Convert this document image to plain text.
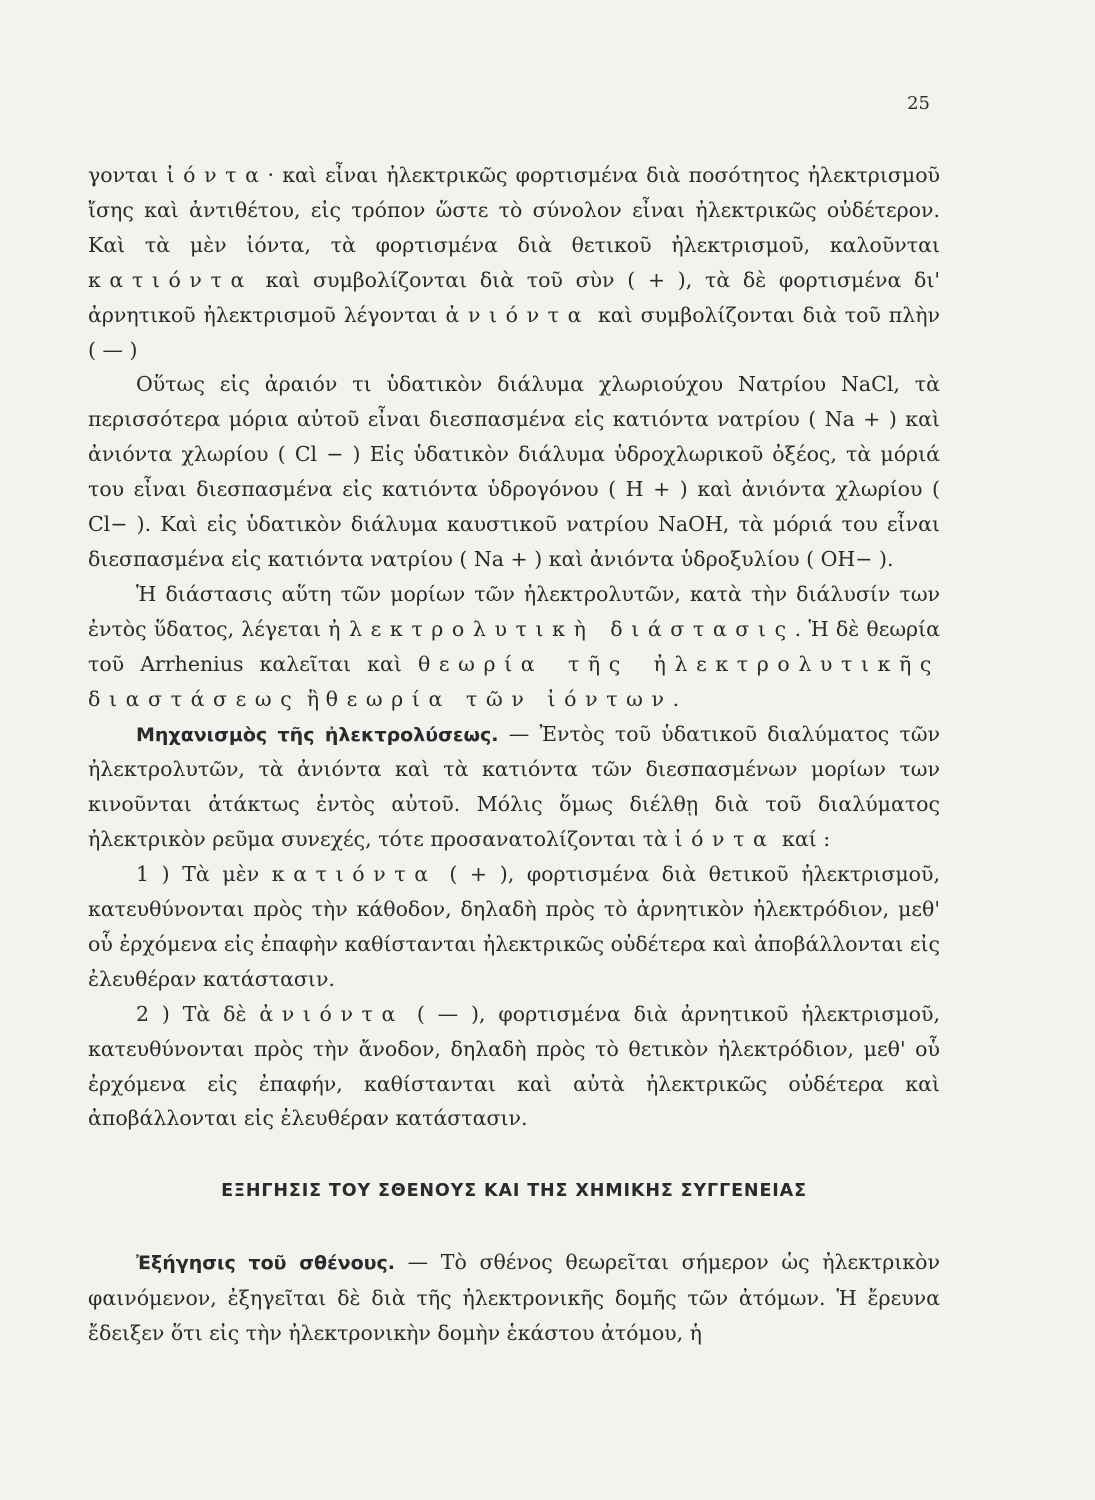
25

γονται ἰόντα· καὶ εἶναι ἠλεκτρικῶς φορτισμένα διὰ ποσότητος ἠλεκτρισμοῦ ἴσης καὶ ἀντιθέτου, εἰς τρόπον ὥστε τὸ σύνολον εἶναι ἠλεκτρικῶς οὐδέτερον. Καὶ τὰ μὲν ἰόντα, τὰ φορτισμένα διὰ θετικοῦ ἠλεκτρισμοῦ, καλοῦνται κατιόντα καὶ συμβολίζονται διὰ τοῦ σὺν ( + ), τὰ δὲ φορτισμένα δι' ἀρνητικοῦ ἠλεκτρισμοῦ λέγονται ἀνιόντα καὶ συμβολίζονται διὰ τοῦ πλὴν ( — )

Οὕτως εἰς ἀραιόν τι ὑδατικὸν διάλυμα χλωριούχου Νατρίου NaCl, τὰ περισσότερα μόρια αὐτοῦ εἶναι διεσπασμένα εἰς κατιόντα νατρίου ( Na + ) καὶ ἀνιόντα χλωρίου ( Cl − ) Εἰς ὑδατικὸν διάλυμα ὑδροχλωρικοῦ ὀξέος, τὰ μόριά του εἶναι διεσπασμένα εἰς κατιόντα ὑδρογόνου ( H + ) καὶ ἀνιόντα χλωρίου ( Cl− ). Καὶ εἰς ὑδατικὸν διάλυμα καυστικοῦ νατρίου NaOH, τὰ μόριά του εἶναι διεσπασμένα εἰς κατιόντα νατρίου ( Na + ) καὶ ἀνιόντα ὑδροξυλίου ( OH− ).

Ἡ διάστασις αὕτη τῶν μορίων τῶν ἠλεκτρολυτῶν, κατὰ τὴν διάλυσίν των ἐντὸς ὕδατος, λέγεται ἠλεκτρολυτικὴ διάστασις. Ἡ δὲ θεωρία τοῦ Arrhenius καλεῖται καὶ θεωρία τῆς ἠλεκτρολυτικῆς διαστάσεως ἢ θεωρία τῶν ἰόντων.

Μηχανισμὸς τῆς ἠλεκτρολύσεως. — Ἐντὸς τοῦ ὑδατικοῦ διαλύματος τῶν ἠλεκτρολυτῶν, τὰ ἀνιόντα καὶ τὰ κατιόντα τῶν διεσπασμένων μορίων των κινοῦνται ἀτάκτως ἐντὸς αὐτοῦ. Μόλις ὅμως διέλθῃ διὰ τοῦ διαλύματος ἠλεκτρικὸν ρεῦμα συνεχές, τότε προσανατολίζονται τὰ ἰόντα καί :

1 ) Τὰ μὲν κατιόντα ( + ), φορτισμένα διὰ θετικοῦ ἠλεκτρισμοῦ, κατευθύνονται πρὸς τὴν κάθοδον, δηλαδὴ πρὸς τὸ ἀρνητικὸν ἠλεκτρόδιον, μεθ' οὗ ἐρχόμενα εἰς ἐπαφὴν καθίστανται ἠλεκτρικῶς οὐδέτερα καὶ ἀποβάλλονται εἰς ἐλευθέραν κατάστασιν.

2 ) Τὰ δὲ ἀνιόντα ( — ), φορτισμένα διὰ ἀρνητικοῦ ἠλεκτρισμοῦ, κατευθύνονται πρὸς τὴν ἄνοδον, δηλαδὴ πρὸς τὸ θετικὸν ἠλεκτρόδιον, μεθ' οὗ ἐρχόμενα εἰς ἐπαφήν, καθίστανται καὶ αὐτὰ ἠλεκτρικῶς οὐδέτερα καὶ ἀποβάλλονται εἰς ἐλευθέραν κατάστασιν.

ΕΞΗΓΗΣΙΣ ΤΟΥ ΣΘΕΝΟΥΣ ΚΑΙ ΤΗΣ ΧΗΜΙΚΗΣ ΣΥΓΓΕΝΕΙΑΣ

Ἐξήγησις τοῦ σθένους. — Τὸ σθένος θεωρεῖται σήμερον ὡς ἠλεκτρικὸν φαινόμενον, ἐξηγεῖται δὲ διὰ τῆς ἠλεκτρονικῆς δομῆς τῶν ἀτόμων. Ἡ ἔρευνα ἔδειξεν ὅτι εἰς τὴν ἠλεκτρονικὴν δομὴν ἑκάστου ἀτόμου, ἡ
